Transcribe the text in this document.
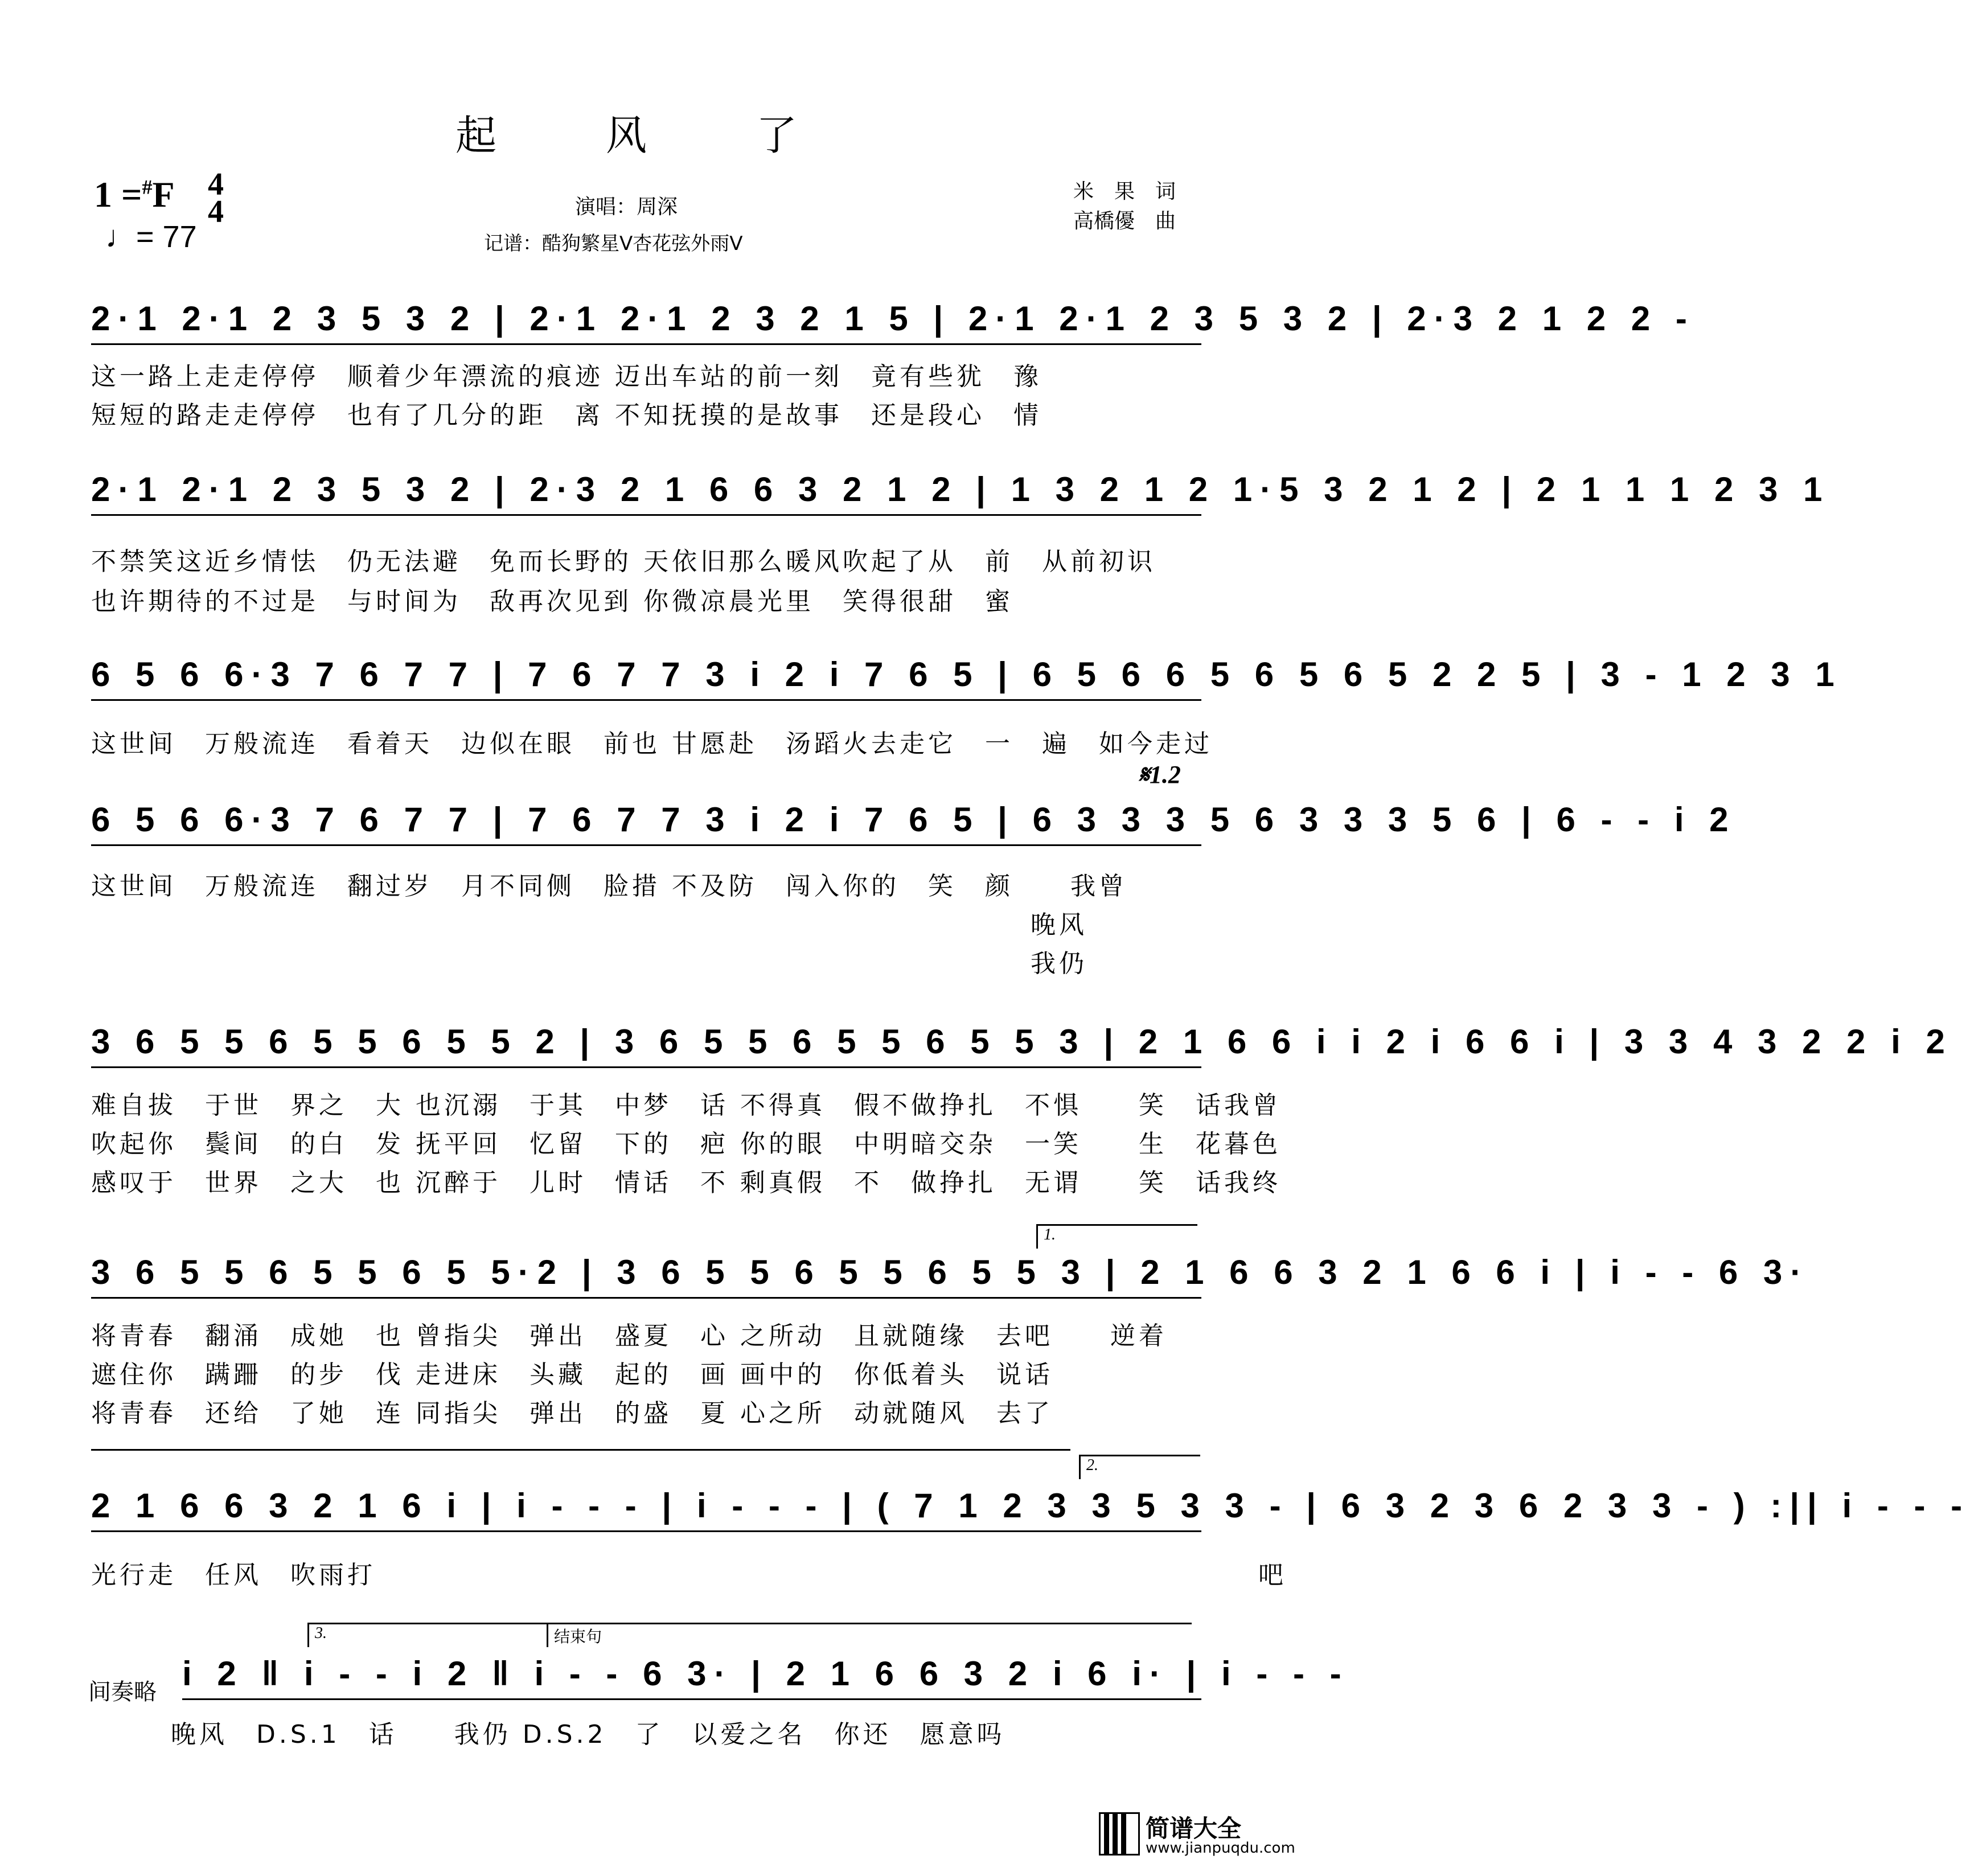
起　风　了
1 =#F 4
4
♩= 77
演唱：周深
记谱：酷狗繁星V杏花弦外雨V
米　果　词
高橋優　曲
2·1 2·1 2 3 5 3 2 | 2·1 2·1 2 3 2 1 5 | 2·1 2·1 2 3 5 3 2 | 2·3 2 1 2 2 -
这一路上走走停停　顺着少年漂流的痕迹 迈出车站的前一刻　竟有些犹　豫
短短的路走走停停　也有了几分的距　离 不知抚摸的是故事　还是段心　情
2·1 2·1 2 3 5 3 2 | 2·3 2 1 6 6 3 2 1 2 | 1 3 2 1 2 1·5 3 2 1 2 | 2 1 1 1 2 3 1
不禁笑这近乡情怯　仍无法避　免而长野的 天依旧那么暖风吹起了从　前　从前初识
也许期待的不过是　与时间为　敌再次见到 你微凉晨光里　笑得很甜　蜜
6 5 6 6·3 7 6 7 7 | 7 6 7 7 3 i 2 i 7 6 5 | 6 5 6 6 5 6 5 6 5 2 2 5 | 3 - 1 2 3 1
这世间　万般流连　看着天　边似在眼　前也 甘愿赴　汤蹈火去走它　一　遍　如今走过
𝄋1.2
6 5 6 6·3 7 6 7 7 | 7 6 7 7 3 i 2 i 7 6 5 | 6 3 3 3 5 6 3 3 3 5 6 | 6 - - i 2
这世间　万般流连　翻过岁　月不同侧　脸措 不及防　闯入你的　笑　颜　　我曾
　　　　　　　　　　　　　　　　　　　　　　　　　　　　　　　　　晚风
　　　　　　　　　　　　　　　　　　　　　　　　　　　　　　　　　我仍
3 6 5 5 6 5 5 6 5 5 2 | 3 6 5 5 6 5 5 6 5 5 3 | 2 1 6 6 i i 2 i 6 6 i | 3 3 4 3 2 2 i 2
难自拔　于世　界之　大 也沉溺　于其　中梦　话 不得真　假不做挣扎　不惧　　笑　话我曾
吹起你　鬓间　的白　发 抚平回　忆留　下的　疤 你的眼　中明暗交杂　一笑　　生　花暮色
感叹于　世界　之大　也 沉醉于　儿时　情话　不 剩真假　不　做挣扎　无谓　　笑　话我终
1.
3 6 5 5 6 5 5 6 5 5·2 | 3 6 5 5 6 5 5 6 5 5 3 | 2 1 6 6 3 2 1 6 6 i | i - - 6 3·
将青春　翻涌　成她　也 曾指尖　弹出　盛夏　心 之所动　且就随缘　去吧　　逆着
遮住你　蹒跚　的步　伐 走进床　头藏　起的　画 画中的　你低着头　说话
将青春　还给　了她　连 同指尖　弹出　的盛　夏 心之所　动就随风　去了
2.
2 1 6 6 3 2 1 6 i | i - - - | i - - - | ( 7 1 2 3 3 5 3 3 - | 6 3 2 3 6 2 3 3 - ) :|| i - - -
光行走　任风　吹雨打　　　　　　　　　　　　　　　　　　　　　　　　　　　　　　　吧
3.	结束句
间奏略 i 2 ‖ i - - i 2 ‖ i - - 6 3· | 2 1 6 6 3 2 i 6 i· | i - - -
晚风　D.S.1　话　　我仍 D.S.2　了　以爱之名　你还　愿意吗
简谱大全
www.jianpuqdu.com
